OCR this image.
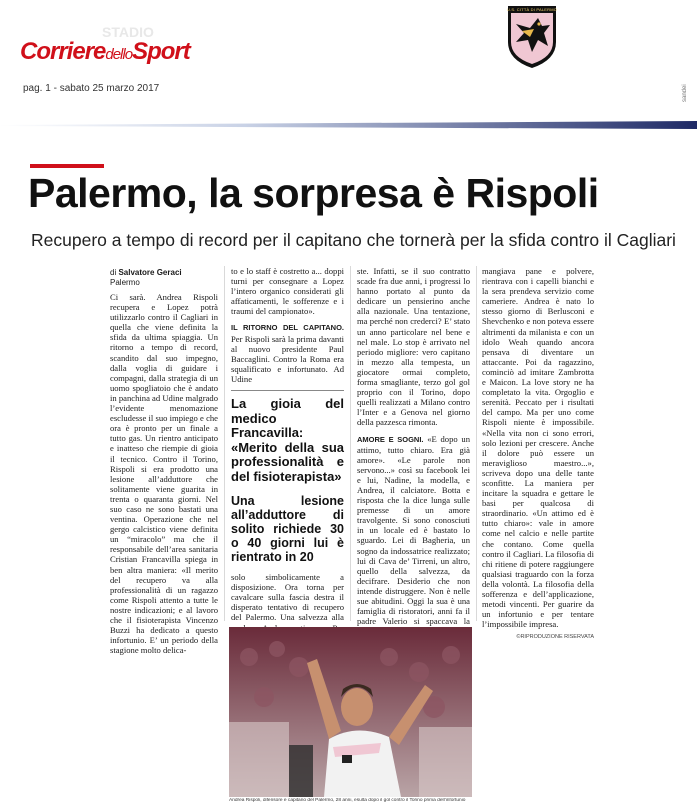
STADIO
CorrieredelloSport
pag. 1 - sabato 25 marzo 2017
U.S. CITTÀ DI PALERMO
sandei
Palermo, la sorpresa è Rispoli
Recupero a tempo di record per il capitano che tornerà per la sfida contro il Cagliari
di Salvatore Geraci
Palermo

Ci sarà. Andrea Rispoli recupera e Lopez potrà utilizzarlo contro il Cagliari in quella che viene definita la sfida da ultima spiaggia. Un ritorno a tempo di record, scandito dal suo impegno, dalla voglia di guidare i compagni, dalla strategia di un uomo spogliatoio che è andato in panchina ad Udine malgrado l’evidente menomazione escludesse il suo impiego e che ora è pronto per un finale a tutto gas. Un rientro anticipato e inatteso che riempie di gioia il tecnico. Contro il Torino, Rispoli si era prodotto una lesione all’adduttore che solitamente viene guarita in trenta o quaranta giorni. Nel suo caso ne sono bastati una ventina. Operazione che nel gergo calcistico viene definita un “miracolo” ma che il responsabile dell’area sanitaria Cristian Francavilla spiega in ben altra maniera: «Il merito del recupero va alla professionalità di un ragazzo come Rispoli attento a tutte le nostre indicazioni; e al lavoro che il fisioterapista Vincenzo Buzzi ha dedicato a questo infortunio. E’ un periodo della stagione molto delica-

to e lo staff è costretto a... doppi turni per consegnare a Lopez l’intero organico considerati gli affaticamenti, le sofferenze e i traumi del campionato».

IL RITORNO DEL CAPITANO. Per Rispoli sarà la prima davanti al nuovo presidente Paul Baccaglini. Contro la Roma era squalificato e infortunato. Ad Udine

La gioia del medico Francavilla: «Merito della sua professionalità e del fisioterapista»
Una lesione all’adduttore di solito richiede 30 o 40 giorni lui è rientrato in 20

solo simbolicamente a disposizione. Ora torna per cavalcare sulla fascia destra il disperato tentativo di recupero del Palermo. Una salvezza alla

ste. Infatti, se il suo contratto scade fra due anni, i progressi lo hanno portato al punto da dedicare un pensierino anche alla nazionale. Una tentazione, ma perché non crederci? E’ stato un anno particolare nel bene e nel male. Lo stop è arrivato nel periodo migliore: vero capitano in mezzo alla tempesta, un giocatore ormai completo, forma smagliante, terzo gol gol proprio con il Torino, dopo quelli realizzati a Milano contro l’Inter e a Genova nel giorno della pazzesca rimonta.

AMORE E SOGNI. «E dopo un attimo, tutto chiaro. Era già amore». «Le parole non servono...» così su facebook lei e lui, Nadine, la modella, e Andrea, il calciatore. Botta e risposta che la dice lunga sulle premesse di un amore travolgente. Si sono conosciuti in un locale ed è bastato lo sguardo. Lei di Bagheria, un sogno da indossatrice realizzato; lui di Cava de’ Tirreni, un altro, quello della salvezza, da decifrare. Desiderio che non intende distruggere. Non è nelle sue abitudini. Oggi la sua è una famiglia di ristoratori, anni fa il padre Valerio si spaccava la

mangiava pane e polvere, rientrava con i capelli bianchi e la sera prendeva servizio come cameriere. Andrea è nato lo stesso giorno di Berlusconi e Shevchenko e non poteva essere altrimenti da milanista e con un idolo Weah quando ancora pensava di diventare un attaccante. Poi da ragazzino, cominciò ad imitare Zambrotta e Maicon. La love story ne ha completato la vita. Orgoglio e serenità. Peccato per i risultati del campo. Ma per uno come Rispoli niente è impossibile. «Nella vita non ci sono errori, solo lezioni per crescere. Anche il dolore può essere un meraviglioso maestro...», scriveva dopo una delle tante sconfitte. La maniera per incitare la squadra e gettare le basi per qualcosa di straordinario. «Un attimo ed è tutto chiaro»: vale in amore come nel calcio e nelle partite che contano. Come quella contro il Cagliari. La filosofia di chi ritiene di potere raggiungere qualsiasi traguardo con la forza della volontà. La filosofia della sofferenza e dell’applicazione, metodi vincenti. Per guarire da un infortunio e per tentare l’impossibile impresa.

©RIPRODUZIONE RISERVATA
Andrea Rispoli, difensore e capitano del Palermo, 28 anni, esulta dopo il gol contro il Torino prima dell’infortunio
